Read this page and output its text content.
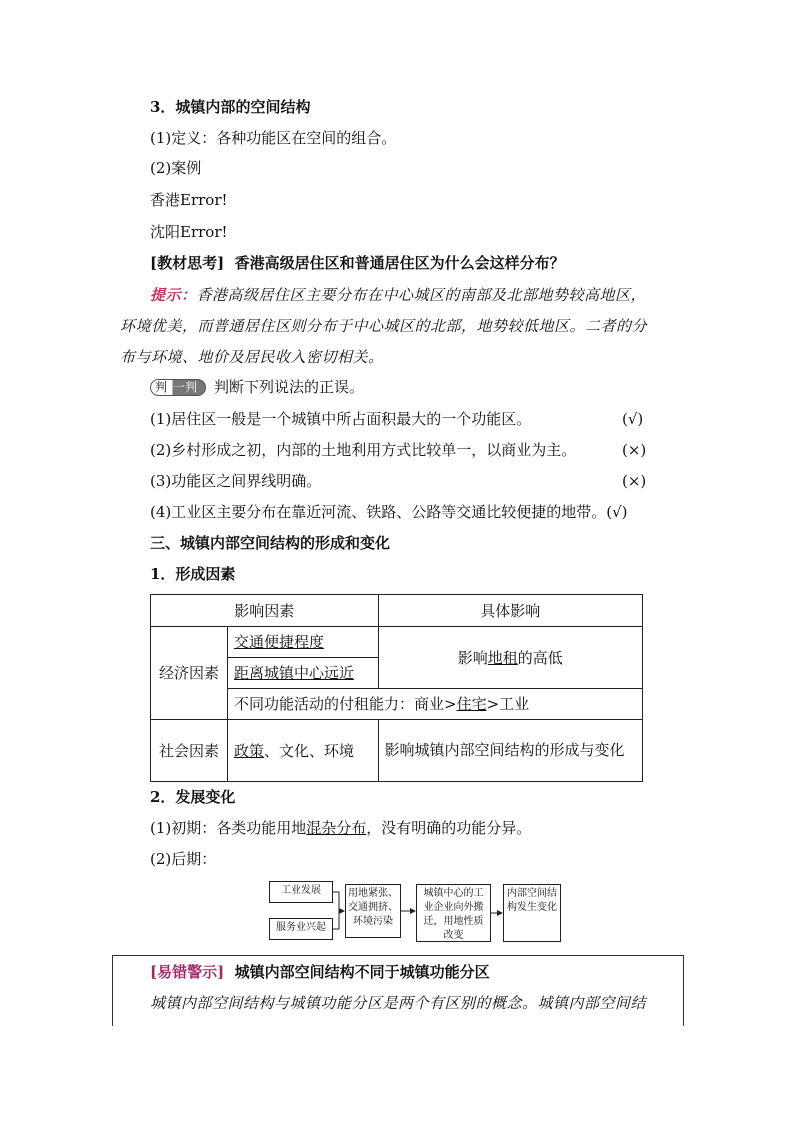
3．城镇内部的空间结构
(1)定义：各种功能区在空间的组合。
(2)案例
香港Error!
沈阳Error!
[教材思考] 香港高级居住区和普通居住区为什么会这样分布？
提示：香港高级居住区主要分布在中心城区的南部及北部地势较高地区，
环境优美，而普通居住区则分布于中心城区的北部，地势较低地区。二者的分
布与环境、地价及居民收入密切相关。
判 一判 判断下列说法的正误。
(1)居住区一般是一个城镇中所占面积最大的一个功能区。	(√)
(2)乡村形成之初，内部的土地利用方式比较单一，以商业为主。	(×)
(3)功能区之间界线明确。	(×)
(4)工业区主要分布在靠近河流、铁路、公路等交通比较便捷的地带。(√)
三、城镇内部空间结构的形成和变化
1．形成因素
影响因素		具体影响
经济因素	交通便捷程度	影响地租的高低
	距离城镇中心远近	
	不同功能活动的付租能力：商业>住宅>工业	
社会因素	政策、文化、环境	影响城镇内部空间结构的形成与变化
2．发展变化
(1)初期：各类功能用地混杂分布，没有明确的功能分异。
(2)后期：
工业发展
服务业兴起
用地紧张、交通拥挤、环境污染
城镇中心的工业企业向外搬迁，用地性质改变
内部空间结构发生变化
[易错警示] 城镇内部空间结构不同于城镇功能分区
城镇内部空间结构与城镇功能分区是两个有区别的概念。城镇内部空间结
